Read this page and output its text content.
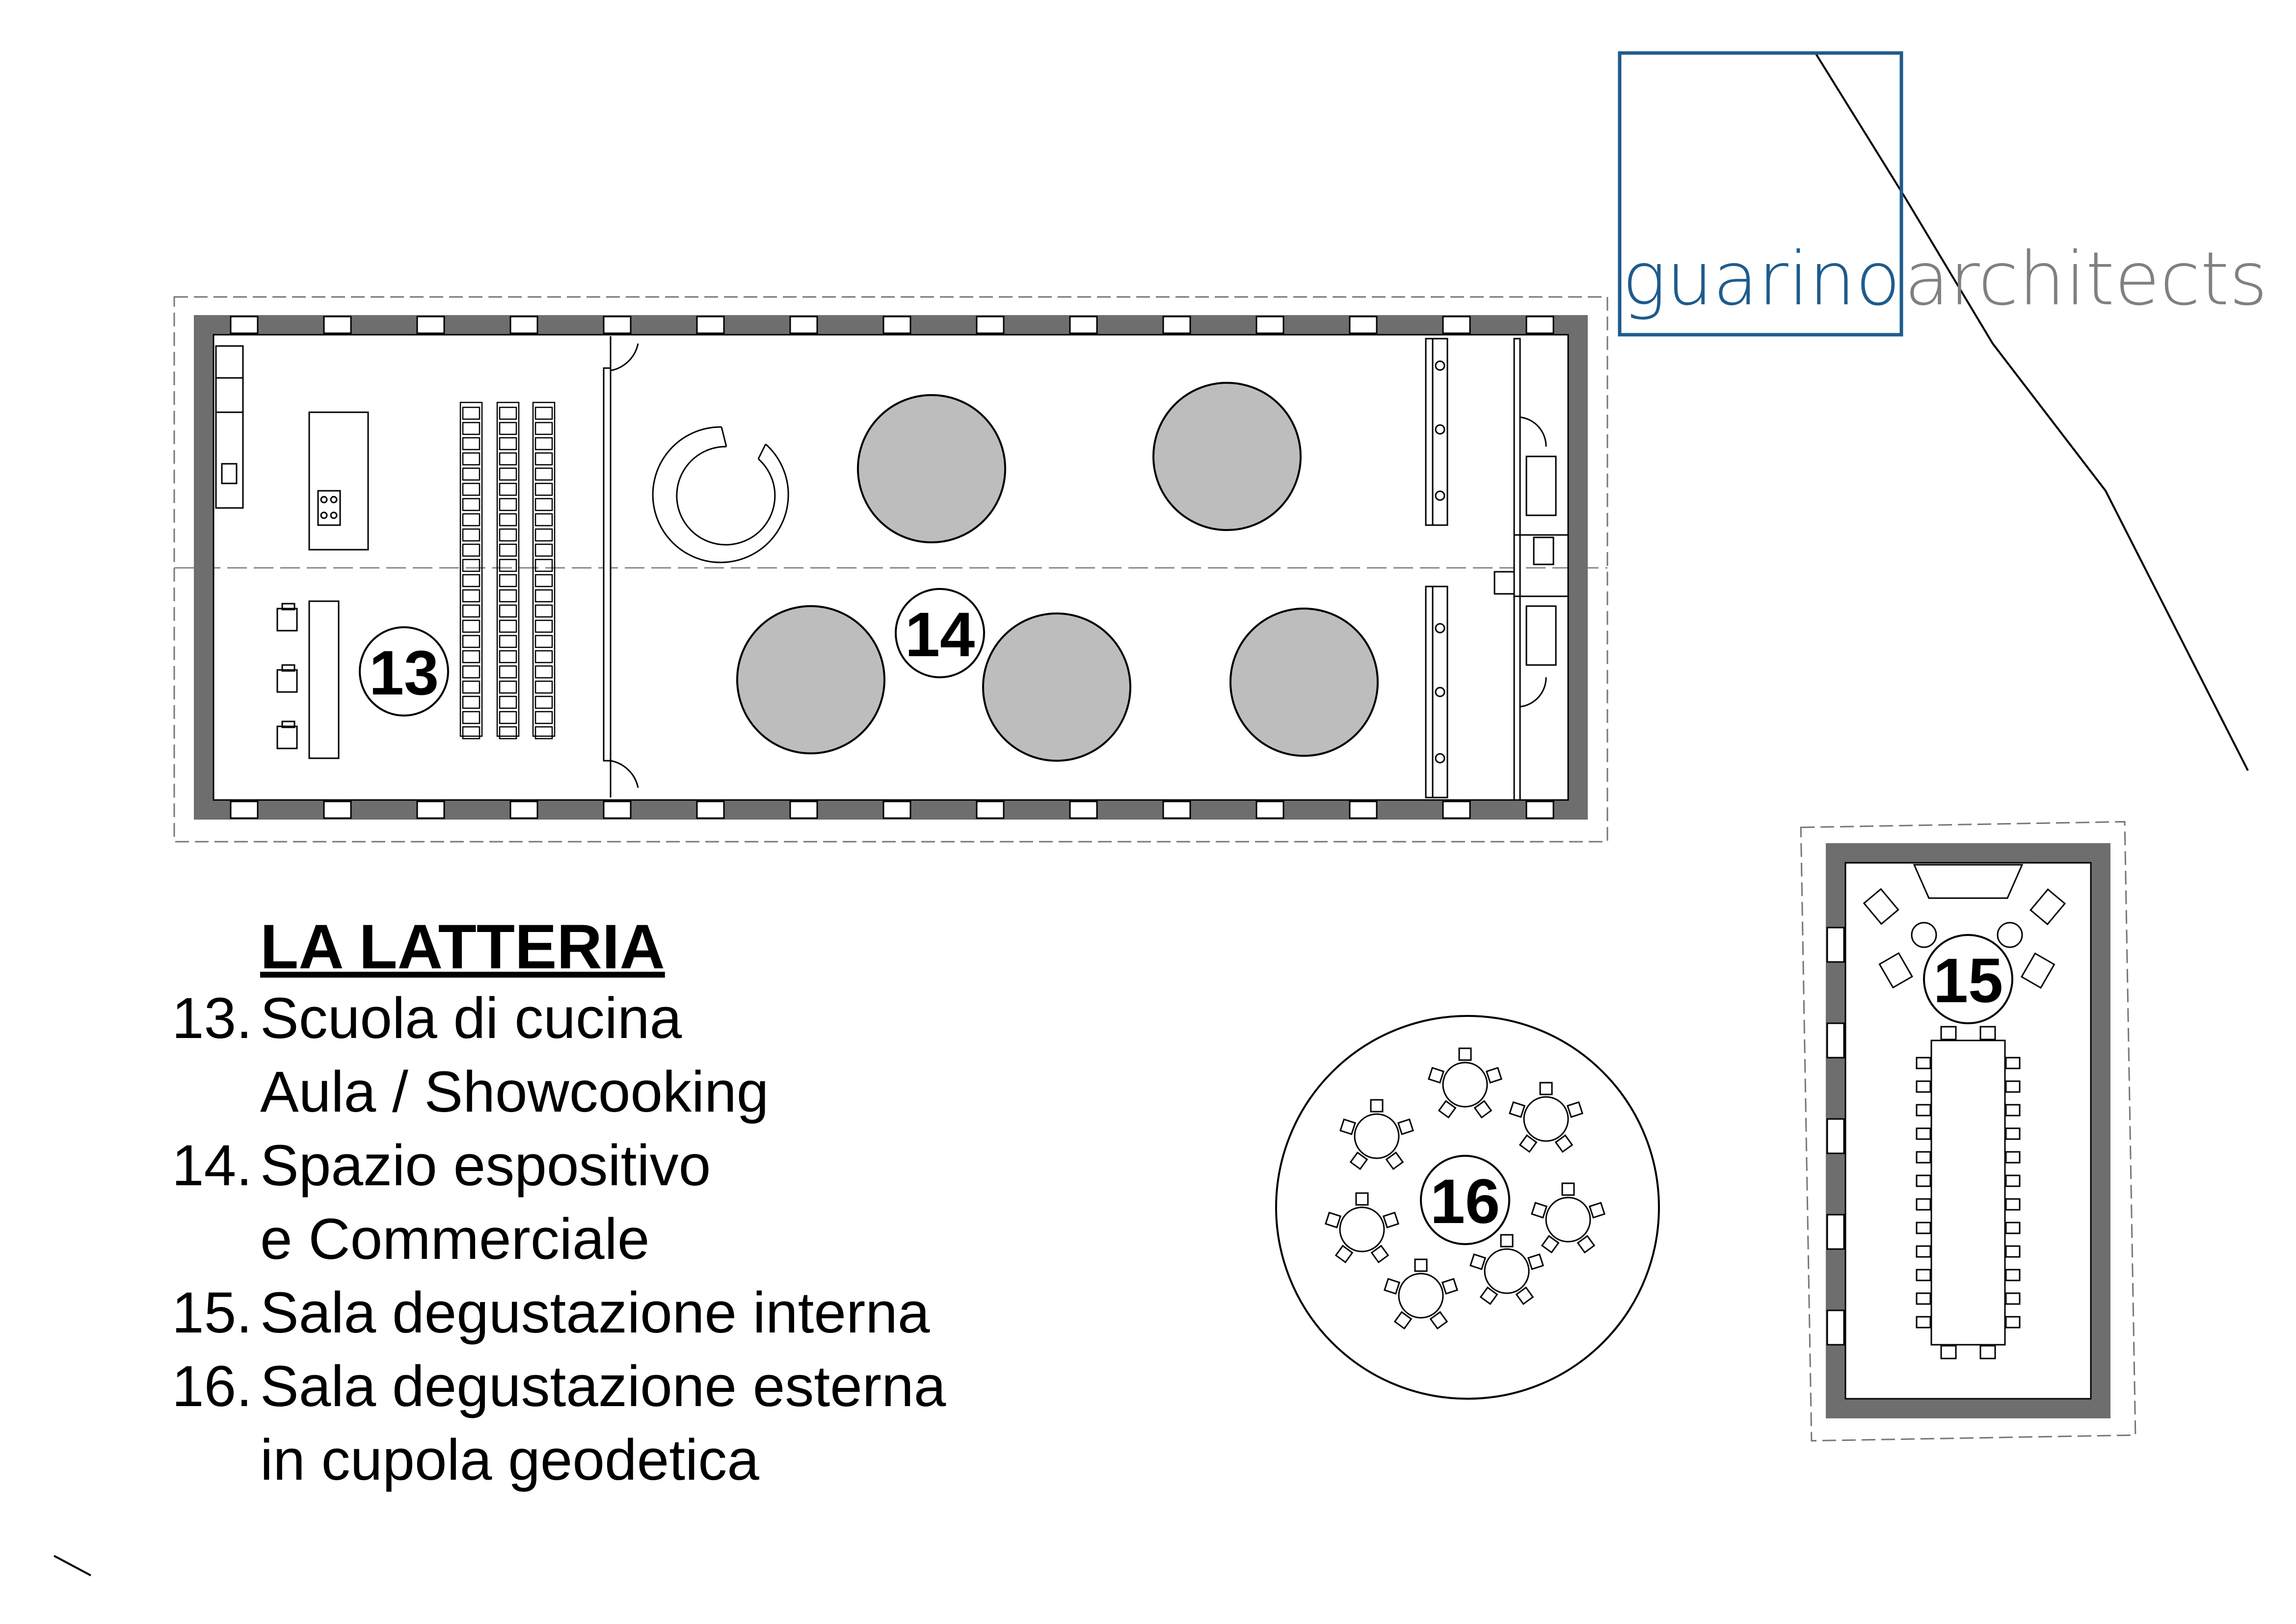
guarino architects
13
14
15
16
LA LATTERIA
13. Scuola di cucina
Aula / Showcooking
14. Spazio espositivo
e Commerciale
15. Sala degustazione interna
16. Sala degustazione esterna
in cupola geodetica
